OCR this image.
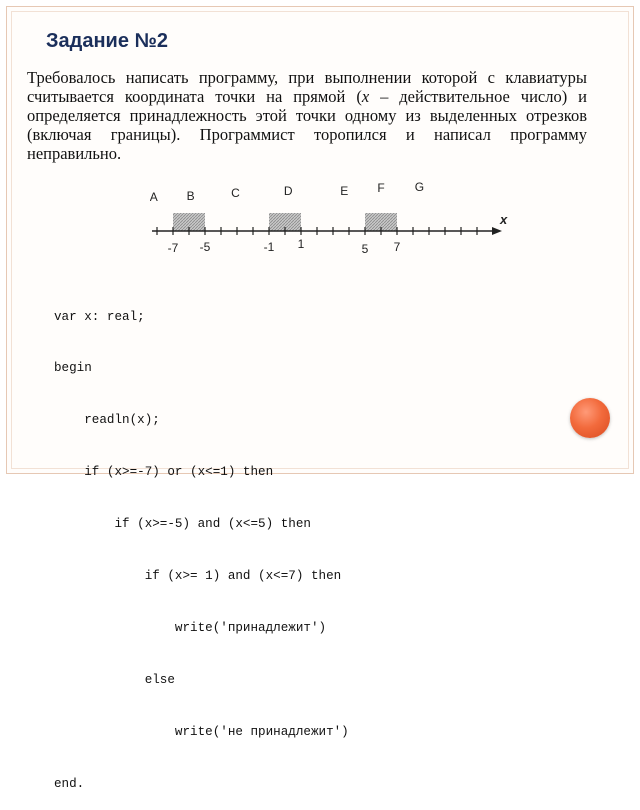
Задание №2
Требовалось написать программу, при выполнении которой с клавиатуры считывается координата точки на прямой (x – действительное число) и определяется принадлежность этой точки одному из выделенных отрезков (включая границы). Программист торопился и написал программу неправильно.
x
A B	C	D	E F	G
-7 -5	-1 1	5 7

var x: real;

begin

readln(x);

if (x>=-7) or (x<=1) then

if (x>=-5) and (x<=5) then

if (x>= 1) and (x<=7) then

write('принадлежит')

else

write('не принадлежит')

end.
